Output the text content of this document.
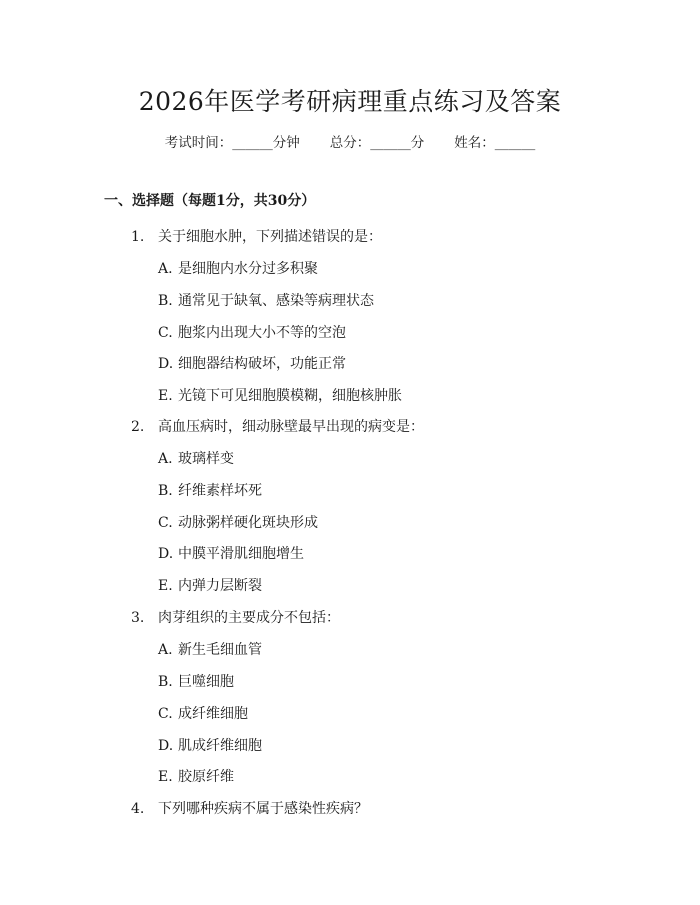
2026年医学考研病理重点练习及答案
考试时间：______分钟 总分：______分 姓名：______
一、选择题（每题1分，共30分）
1. 关于细胞水肿，下列描述错误的是：
A. 是细胞内水分过多积聚
B. 通常见于缺氧、感染等病理状态
C. 胞浆内出现大小不等的空泡
D. 细胞器结构破坏，功能正常
E. 光镜下可见细胞膜模糊，细胞核肿胀
2. 高血压病时，细动脉壁最早出现的病变是：
A. 玻璃样变
B. 纤维素样坏死
C. 动脉粥样硬化斑块形成
D. 中膜平滑肌细胞增生
E. 内弹力层断裂
3. 肉芽组织的主要成分不包括：
A. 新生毛细血管
B. 巨噬细胞
C. 成纤维细胞
D. 肌成纤维细胞
E. 胶原纤维
4. 下列哪种疾病不属于感染性疾病？
